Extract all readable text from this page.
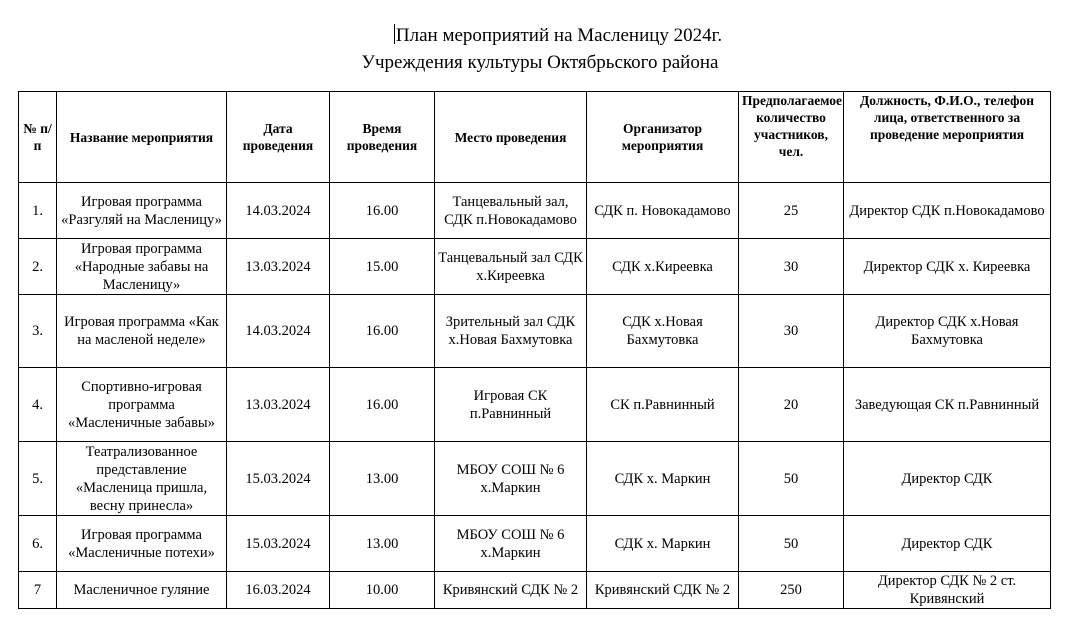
План мероприятий на Масленицу 2024г.
Учреждения культуры Октябрьского района
№ п/п	Название мероприятия	Дата проведения	Время проведения	Место проведения	Организатор мероприятия	Предполагаемое количество участников, чел.	Должность, Ф.И.О., телефон лица, ответственного за проведение мероприятия
1.	Игровая программа «Разгуляй на Масленицу»	14.03.2024	16.00	Танцевальный зал, СДК п.Новокадамово	СДК п. Новокадамово	25	Директор СДК п.Новокадамово
2.	Игровая программа «Народные забавы на Масленицу»	13.03.2024	15.00	Танцевальный зал СДК х.Киреевка	СДК х.Киреевка	30	Директор СДК х. Киреевка
3.	Игровая программа «Как на масленой неделе»	14.03.2024	16.00	Зрительный зал СДК х.Новая Бахмутовка	СДК х.Новая Бахмутовка	30	Директор СДК х.Новая Бахмутовка
4.	Спортивно-игровая программа «Масленичные забавы»	13.03.2024	16.00	Игровая СК п.Равнинный	СК п.Равнинный	20	Заведующая СК п.Равнинный
5.	Театрализованное представление «Масленица пришла, весну принесла»	15.03.2024	13.00	МБОУ СОШ № 6 х.Маркин	СДК х. Маркин	50	Директор СДК
6.	Игровая программа «Масленичные потехи»	15.03.2024	13.00	МБОУ СОШ № 6 х.Маркин	СДК х. Маркин	50	Директор СДК
7	Масленичное гуляние	16.03.2024	10.00	Кривянский СДК № 2	Кривянский СДК № 2	250	Директор СДК № 2 ст. Кривянский
